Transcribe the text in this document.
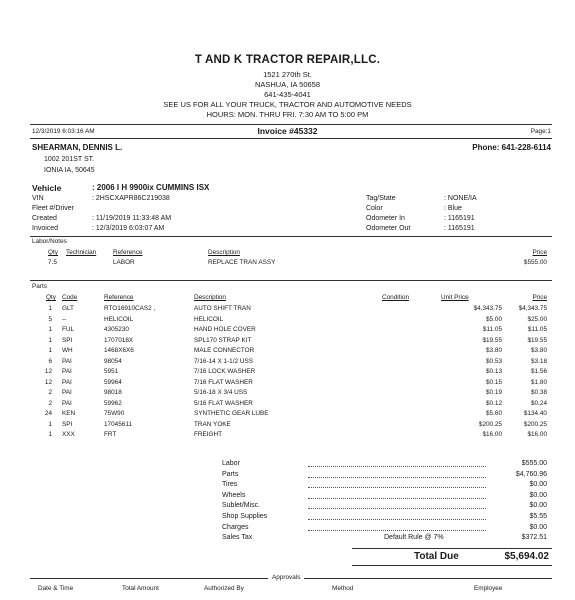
T AND K TRACTOR REPAIR,LLC.
1521 270th St.
NASHUA, IA 50658
641-435-4041
SEE US FOR ALL YOUR TRUCK, TRACTOR AND AUTOMOTIVE NEEDS
HOURS: MON. THRU FRI. 7:30 AM TO 5:00 PM
12/3/2019 6:03:16 AM	Invoice #45332	Page:1
SHEARMAN, DENNIS L.	Phone: 641-228-6114
1002 201ST ST.
IONIA IA, 50645
Vehicle	: 2006 I H 9900ix CUMMINS ISX
VIN	: 2HSCXAPR86C219038
Fleet #/Driver
Created	: 11/19/2019 11:33:48 AM
Invoiced	: 12/3/2019 6:03:07 AM
Tag/State	: NONE/IA
Color	: Blue
Odometer In	: 1165191
Odometer Out	: 1165191
Labor/Notes
Qty Technician	Reference	Description	Price
7.5	LABOR	REPLACE TRAN ASSY	$555.00
Parts
Qty Code	Reference	Description	Condition	Unit Price	Price
1 GLT	RTO16910CAS2 ,	AUTO SHIFT TRAN	$4,343.75	$4,343.75
5 --	HELICOIL	HELICOIL	$5.00	$25.00
1 FUL	4305230	HAND HOLE COVER	$11.05	$11.05
1 SPI	1707018X	SPL170 STRAP KIT	$19.55	$19.55
1 WH	1468X6X6	MALE CONNECTOR	$3.80	$3.80
6 PAI	98054	7/16-14 X 1-1/2 USS	$0.53	$3.18
12 PAI	5951	7/16 LOCK WASHER	$0.13	$1.56
12 PAI	59964	7/16 FLAT WASHER	$0.15	$1.80
2 PAI	98018	5/16-18 X 3/4 USS	$0.19	$0.38
2 PAI	59962	5/16 FLAT WASHER	$0.12	$0.24
24 KEN	75W90	SYNTHETIC GEAR LUBE	$5.60	$134.40
1 SPI	17045611	TRAN YOKE	$200.25	$200.25
1 XXX	FRT	FREIGHT	$16.00	$16.00
Labor	$555.00
Parts	$4,760.96
Tires	$0.00
Wheels	$0.00
Sublet/Misc.	$0.00
Shop Supplies	$5.55
Charges	$0.00
Sales Tax	Default Rule @ 7%	$372.51
Total Due	$5,694.02
Approvals
Date & Time	Total Amount	Authorized By	Method	Employee
